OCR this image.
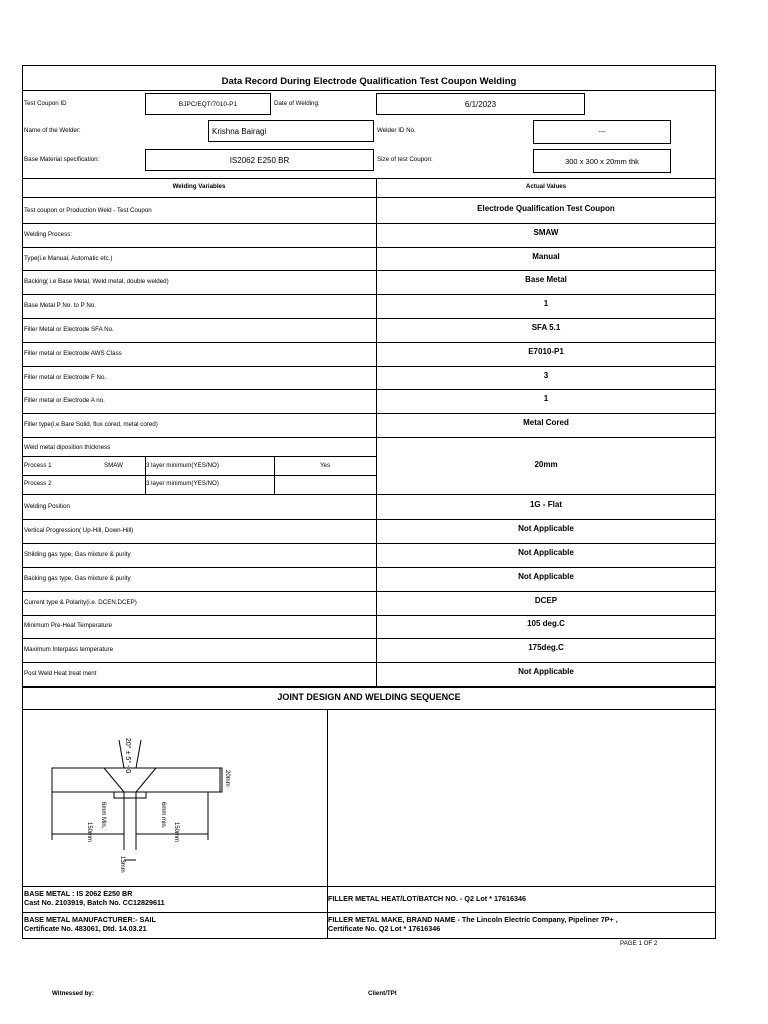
Data Record During Electrode Qualification Test Coupon Welding
Test Coupon ID	BJPC/EQT/7010-P1	Date of Welding:	6/1/2023
Name of the Welder:	Krishna Bairagi	Welder ID No.	---
Base Material specification:	IS2062 E250 BR	Size of test Coupon:	300 x 300 x 20mm thk
Welding Variables	Actual Values
Test coupon or Production Weld - Test Coupon	Electrode Qualification Test Coupon
Welding Process:	SMAW
Type(i.e Manual, Automatic etc.)	Manual
Backing( i.e Base Metal, Weld metal, double welded)	Base Metal
Base Metal P No. to P No.	1
Filler Metal or Electrode SFA No.	SFA 5.1
Filler metal or Electrode AWS Class	E7010-P1
Filler metal or Electrode F No.	3
Filler metal or Electrode A no.	1
Filler type(i.e Bare Solid, flux cored, metal cored)	Metal Cored
Weld metal diposition thickness
Process 1	SMAW	3 layer minimum(YES/NO)	Yes
Process 2	3 layer minimum(YES/NO)
20mm
Welding Position	1G - Flat
Vertical Progression( Up-Hill, Down-Hill)	Not Applicable
Shilding gas type, Gas mixture & purity	Not Applicable
Backing gas type, Gas mixture & purity	Not Applicable
Current type & Polarity(i.e. DCEN,DCEP)	DCEP
Minimum Pre-Heat Temperature	105 deg.C
Maximum Interpass temperature	175deg.C
Post Weld Heat treat ment	Not Applicable
JOINT DESIGN AND WELDING SEQUENCE
20° ± 5° - 0
6mm Min.	6mm min.
150mm	150mm
20mm
13mm
BASE METAL : IS 2062 E250 BR
Cast No. 2103919, Batch No. CC12829611	FILLER METAL HEAT/LOT/BATCH NO. - Q2 Lot * 17616346
BASE METAL MANUFACTURER:- SAIL
Certificate No. 483061, Dtd. 14.03.21
FILLER METAL MAKE, BRAND NAME - The Lincoln Electric Company, Pipeliner 7P+ ,
Certificate No. Q2 Lot * 17616346
PAGE 1 OF 2
Witnessed by:	Client/TPI
